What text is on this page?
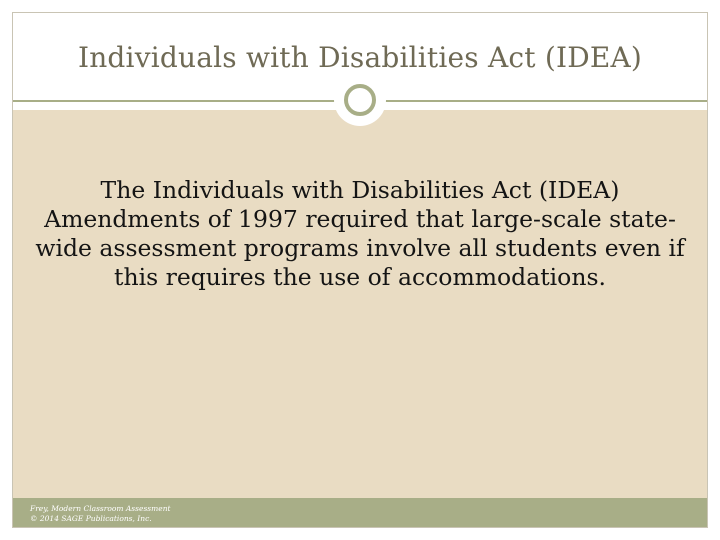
Individuals with Disabilities Act (IDEA)
The Individuals with Disabilities Act (IDEA) Amendments of 1997 required that large-scale state-wide assessment programs involve all students even if this requires the use of accommodations.
Frey, Modern Classroom Assessment
© 2014 SAGE Publications, Inc.
